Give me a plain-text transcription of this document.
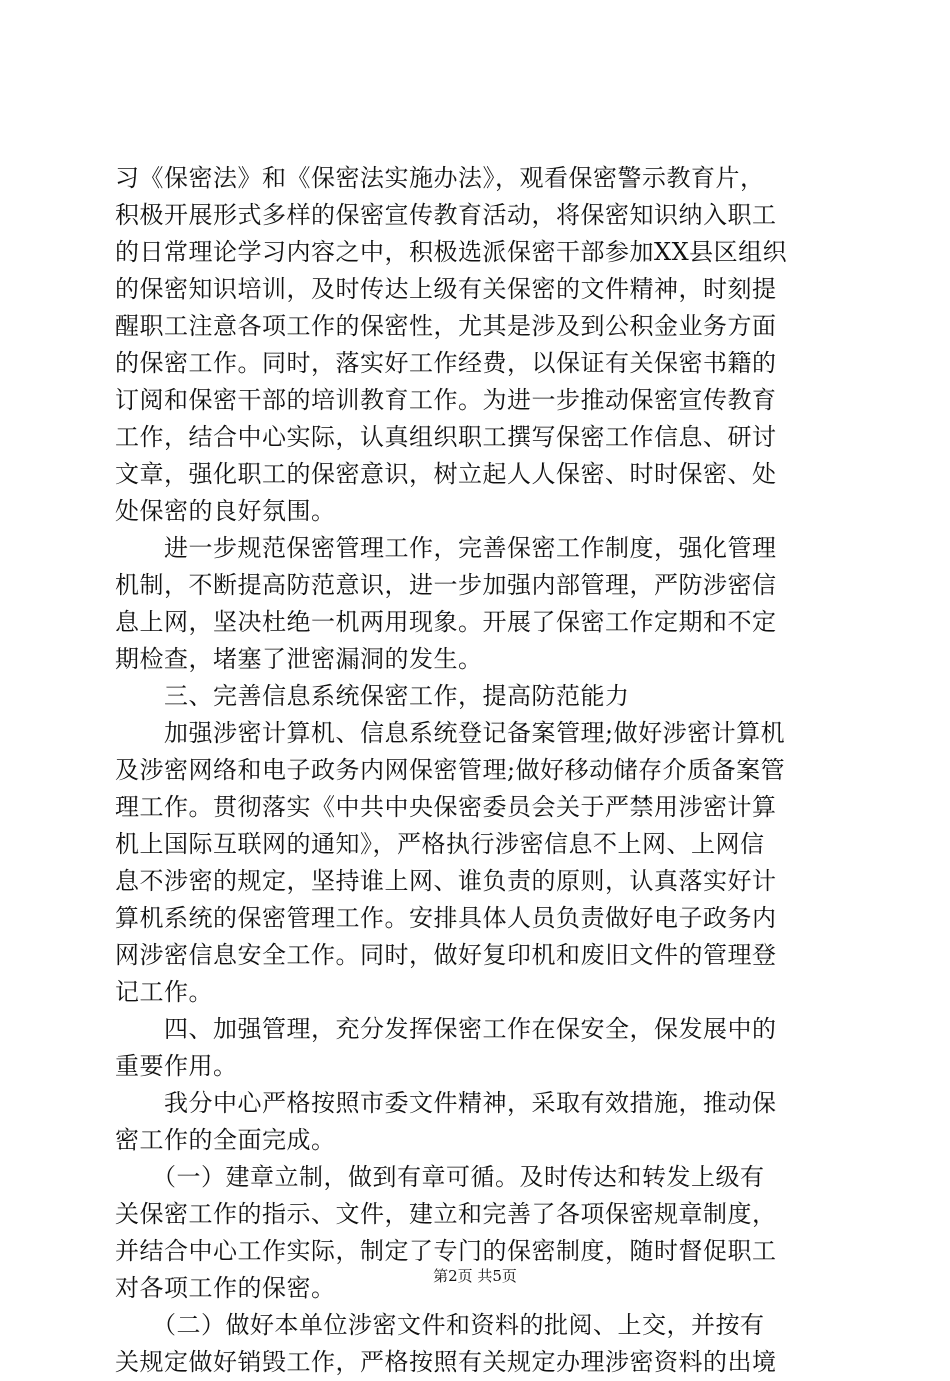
习《保密法》和《保密法实施办法》，观看保密警示教育片，
积极开展形式多样的保密宣传教育活动，将保密知识纳入职工
的日常理论学习内容之中，积极选派保密干部参加XX县区组织
的保密知识培训，及时传达上级有关保密的文件精神，时刻提
醒职工注意各项工作的保密性，尤其是涉及到公积金业务方面
的保密工作。同时，落实好工作经费，以保证有关保密书籍的
订阅和保密干部的培训教育工作。为进一步推动保密宣传教育
工作，结合中心实际，认真组织职工撰写保密工作信息、研讨
文章，强化职工的保密意识，树立起人人保密、时时保密、处
处保密的良好氛围。
　　进一步规范保密管理工作，完善保密工作制度，强化管理
机制，不断提高防范意识，进一步加强内部管理，严防涉密信
息上网，坚决杜绝一机两用现象。开展了保密工作定期和不定
期检查，堵塞了泄密漏洞的发生。
　　三、完善信息系统保密工作，提高防范能力
　　加强涉密计算机、信息系统登记备案管理;做好涉密计算机
及涉密网络和电子政务内网保密管理;做好移动储存介质备案管
理工作。贯彻落实《中共中央保密委员会关于严禁用涉密计算
机上国际互联网的通知》，严格执行涉密信息不上网、上网信
息不涉密的规定，坚持谁上网、谁负责的原则，认真落实好计
算机系统的保密管理工作。安排具体人员负责做好电子政务内
网涉密信息安全工作。同时，做好复印机和废旧文件的管理登
记工作。
　　四、加强管理，充分发挥保密工作在保安全，保发展中的
重要作用。
　　我分中心严格按照市委文件精神，采取有效措施，推动保
密工作的全面完成。
　　（一）建章立制，做到有章可循。及时传达和转发上级有
关保密工作的指示、文件，建立和完善了各项保密规章制度，
并结合中心工作实际，制定了专门的保密制度，随时督促职工
对各项工作的保密。
　　（二）做好本单位涉密文件和资料的批阅、上交，并按有
关规定做好销毁工作，严格按照有关规定办理涉密资料的出境
第2页 共5页
